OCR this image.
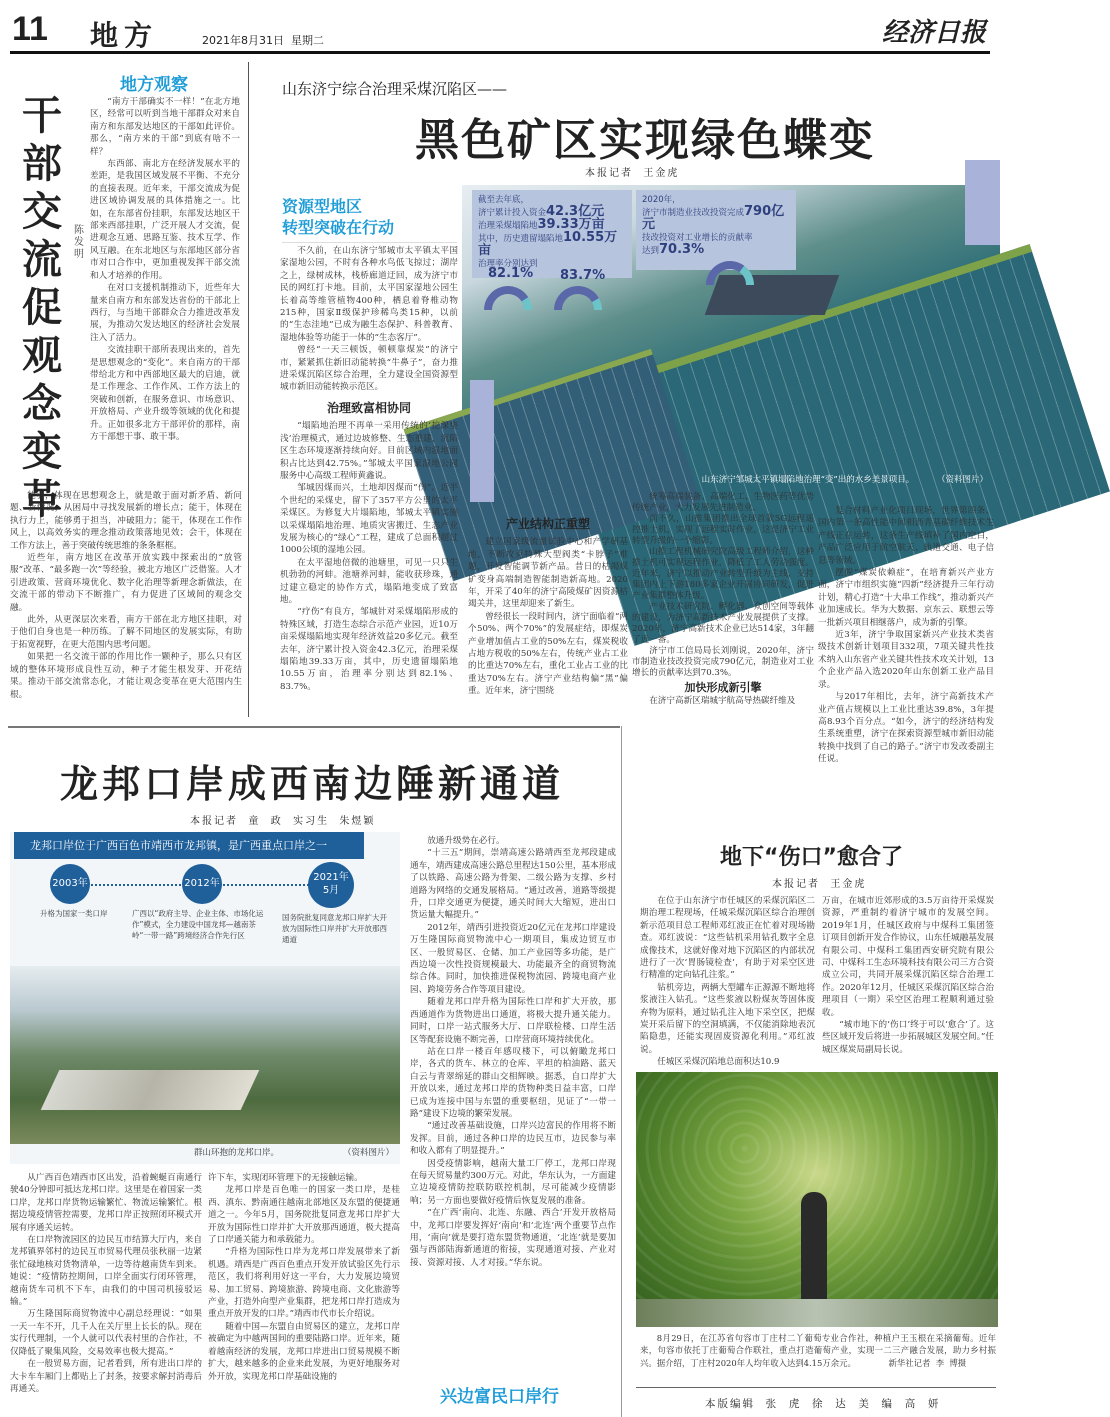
11 地方	2021年8月31日  星期二	经济日报
地方观察
干部交流促观念变革
陈发明

“南方干部确实不一样！”在北方地区，经常可以听到当地干部群众对来自南方和东部发达地区的干部如此评价。那么，“南方来的干部”到底有啥不一样？

东西部、南北方在经济发展水平的差距，是我国区域发展不平衡、不充分的直接表现。近年来，干部交流成为促进区域协调发展的具体措施之一。比如，在东部省份挂职，东部发达地区干部来西部挂职，广泛开展人才交流，促进观念互通、思路互鉴、技术互学、作风互融。在东北地区与东部地区部分省市对口合作中，更加重视发挥干部交流和人才培养的作用。

在对口支援机制推动下，近些年大量来自南方和东部发达省份的干部北上西行，与当地干部群众合力推进改革发展，为推动欠发达地区的经济社会发展注入了活力。

交流挂职干部所表现出来的，首先是思想观念的“变化”。来自南方的干部带给北方和中西部地区最大的启迪，就是工作理念、工作作风、工作方法上的突破和创新，在服务意识、市场意识、开放格局、产业升级等领域的优化和提升。正如很多北方干部评价的那样，南方干部想干事、敢干事。

能够，体现在思想观念上，就是敢于面对新矛盾、新问题、新情况，从困局中寻找发展新的增长点；能干，体现在执行力上，能够勇于担当，冲破阻力；能干，体现在工作作风上，以高效务实的理念推动政策落地见效；会干，体现在工作方法上，善于突破传统思维的条条框框。

近些年，南方地区在改革开放实践中探索出的“放管服”改革、“最多跑一次”等经验，被北方地区广泛借鉴。人才引进政策、营商环境优化、数字化治理等新理念新做法，在交流干部的带动下不断推广，有力促进了区域间的观念交融。

此外，从更深层次来看，南方干部在北方地区挂职，对于他们自身也是一种历练。了解不同地区的发展实际，有助于拓宽视野，在更大范围内思考问题。

如果把一名交流干部的作用比作一颗种子，那么只有区域的整体环境形成良性互动，种子才能生根发芽、开花结果。推动干部交流常态化，才能让观念变革在更大范围内生根。

山东济宁综合治理采煤沉陷区——
黑色矿区实现绿色蝶变
本报记者  王金虎
山东济宁邹城太平镇塌陷地治理“变”出的水乡美景项目。	（资料图片）
截至去年底，
济宁累计投入资金42.3亿元
治理采煤塌陷地39.33万亩
其中，历史遗留塌陷地10.55万亩
治理率分别达到
82.1% 83.7%
2020年，
济宁市制造业技改投资完成790亿元
技改投资对工业增长的贡献率
达到70.3%
资源型地区
转型突破在行动

不久前，在山东济宁邹城市太平镇太平国家湿地公园，不时有各种水鸟低飞掠过；湖岸之上，绿树成林，栈桥廊道迂回，成为济宁市民的网红打卡地。目前，太平国家湿地公园生长着高等维管植物400种，栖息着脊椎动物215种，国家Ⅱ级保护珍稀鸟类15种，以前的“生态洼地”已成为融生态保护、科普教育、湿地体验等功能于一体的“生态客厅”。

曾经“一天三顿饭，顿顿靠煤炭”的济宁市，紧紧抓住新旧动能转换“牛鼻子”，奋力推进采煤沉陷区综合治理，全力建设全国资源型城市新旧动能转换示范区。

治理致富相协同

“塌陷地治理不再单一采用传统的‘挖深垫浅’治理模式，通过边坡修整、生态重建，沉陷区生态环境逐渐持续向好。目前区域内湿地面积占比达到42.75%。”邹城太平国家湿地公园服务中心高级工程师黄鑫说。

邹城因煤而兴，土地却因煤而“伤”。近半个世纪的采煤史，留下了357平方公里的太平采煤区。为修复大片塌陷地，邹城太平镇实施以采煤塌陷地治理、地质灾害搬迁、生态产业发展为核心的“绿心”工程，建成了总面积超过1000公顷的湿地公园。

在太平湿地倍微的池塘里，可见一只只生机勃勃的河蚌。池塘养河蚌，能收获珍珠，通过建立稳定的协作方式，塌陷地变成了致富地。

“疗伤”有良方，邹城针对采煤塌陷形成的特殊区域，打造生态综合示范产业园，近10万亩采煤塌陷地实现年经济效益20多亿元。截至去年，济宁累计投入资金42.3亿元，治理采煤塌陷地39.33万亩，其中，历史遗留塌陷地10.55万亩，治理率分别达到82.1%、83.7%。

产业结构正重塑

建立国家级流量试验中心和产学研基地，不断攻克特殊大型阀类“卡脖子”难题，开发智能调节新产品。昔日的枯竭煤矿变身高端制造智能制造新高地。2020年，开采了40年的济宁高陵煤矿因资源枯竭关井，这里却迎来了新生。

曾经很长一段时间内，济宁面临着“两个50%、两个70%”的发展症结，即煤炭产业增加值占工业的50%左右，煤炭税收占地方税收的50%左右，传统产业占工业的比重达70%左右，重化工业占工业的比重达70%左右。济宁产业结构偏“黑”偏重。近年来，济宁围绕

统筹高端装备、高端化工、生物医药等优势传统产业，大力发展先进制造业。

前不久，山推集团推出全球首款5G远程遥控推土机，实现了远程实时作业，这是济宁工业转型升级的一个缩影。

山推工程机械研究院高级工程师介绍，这种推土机可实现远程作业，降低了工人劳动强度。近年来，济宁以推动产业转型升级为主线，支持集团内上下游180多家企业开展协同研发，促进产业集群整体升级。

产业技术研究院、孵化器、众创空间等载体的建设，为济宁高新技术产业发展提供了支撑。2020年，济宁高新技术企业已达514家，3年翻了近一番。

济宁市工信局局长刘刚说，2020年，济宁市制造业技改投资完成790亿元，制造业对工业增长的贡献率达到70.3%。

加快形成新引擎

在济宁高新区瑞城宇航高导热碳纤维及

复合材料产业化项目现场，世界第四条、国内第一条高性能中间相沥青基碳纤维技术生产线正在运转，这条生产线填补了国内空白，产品广泛应用于航空航天、轨道交通、电子信息等领域。

摆脱“煤炭依赖症”，在培育新兴产业方面，济宁市组织实施“四新”经济提升三年行动计划，精心打造“十大串工作线”，推动新兴产业加速成长。华为大数据、京东云、联想云等一批新兴项目相继落户，成为新的引擎。

近3年，济宁争取国家新兴产业技术类省级技术创新计划项目332项，7项关键共性技术纳入山东省产业关键共性技术攻关计划，13个企业产品入选2020年山东创新工业产品目录。

与2017年相比，去年，济宁高新技术产业产值占规模以上工业比重达39.8%，3年提高8.93个百分点。“如今，济宁的经济结构发生系统重塑，济宁在探索资源型城市新旧动能转换中找到了自己的路子。”济宁市发改委副主任说。

龙邦口岸成西南边陲新通道
本报记者  童  政  实习生  朱煜颖
龙邦口岸位于广西百色市靖西市龙邦镇，是广西重点口岸之一
2003年
升格为国家一类口岸
2012年
广西以“政府主导、企业主体、市场化运作”模式，全力建设中国龙邦—越南茶岭“一带一路”跨境经济合作先行区
2021年5月
国务院批复同意龙邦口岸扩大开放为国际性口岸并扩大开放那西通道
群山环抱的龙邦口岸。	（资料图片）

放通升级势在必行。

“十三五”期间，崇靖高速公路靖西至龙邦段建成通车，靖西建成高速公路总里程达150公里，基本形成了以铁路、高速公路为骨架、二级公路为支撑、乡村道路为网络的交通发展格局。“通过改善，道路等级提升，口岸交通更为便捷，通关时间大大缩短，进出口货运量大幅提升。”

2012年，靖西引进投资近20亿元在龙邦口岸建设万生隆国际商贸物流中心一期项目，集成边贸互市区、一般贸易区、仓储、加工产业园等多功能，是广西边境一次性投资规模最大、功能最齐全的商贸物流综合体。同时，加快推进保税物流园、跨境电商产业园、跨境劳务合作等项目建设。

随着龙邦口岸升格为国际性口岸和扩大开放，那西通道作为货物进出口通道，将极大提升通关能力。同时，口岸一站式服务大厅、口岸联检楼、口岸生活区等配套设施不断完善，口岸营商环境持续优化。

站在口岸一楼百年感叹楼下，可以俯瞰龙邦口岸，各式的货车、林立的仓库、平坦的柏油路、蓝天白云与青翠绵延的群山交相辉映。据悉，自口岸扩大开放以来，通过龙邦口岸的货物种类日益丰富，口岸已成为连接中国与东盟的重要枢纽，见证了“一带一路”建设下边境的繁荣发展。

“通过改善基础设施，口岸兴边富民的作用将不断发挥。目前，通过各种口岸的边民互市，边民参与率和收入都有了明显提升。”

因受疫情影响，越南大量工厂停工，龙邦口岸现在每天贸易量约300万元。对此，华东认为，一方面建立边境疫情防控联防联控机制，尽可能减少疫情影响；另一方面也要做好疫情后恢复发展的准备。

“在广西‘南向、北连、东融、西合’开发开放格局中，龙邦口岸要发挥好‘南向’和‘北连’两个重要节点作用，‘南向’就是要打造东盟货物通道，‘北连’就是要加强与西部陆海新通道的衔接，实现通道对接、产业对接、资源对接、人才对接。”华东说。

兴边富民口岸行

从广西百色靖西市区出发，沿着蜿蜒百南通行驶40分钟即可抵达龙邦口岸。这里是在着国家一类口岸，龙邦口岸货物运输繁忙、物流运输繁忙。根据边境疫情管控需要，龙邦口岸正按照闭环模式开展有序通关运转。

在口岸物流园区的边民互市结算大厅内，来自龙邦镇界邻村的边民互市贸易代理员张秋丽一边紧张忙碌地核对货物清单，一边等待越南货车到来。她说：“疫情防控期间，口岸全面实行闭环管理，越南货车司机不下车，由我们的中国司机接驳运输。”

万生隆国际商贸物流中心副总经理说：“如果一天一车不开，几千人在关厅里上长长的队。现在实行代理制，一个人就可以代表村里的合作社，不仅降低了聚集风险，交易效率也极大提高。”

在一般贸易方面，记者看到，所有进出口岸的大卡车车厢门上都贴上了封条，按要求解封消毒后再通关。

许下车，实现闭环管理下的无接触运输。

龙邦口岸是百色唯一的国家一类口岸，是桂西、滇东、黔南通往越南北部地区及东盟的便捷通道之一。今年5月，国务院批复同意龙邦口岸扩大开放为国际性口岸并扩大开放那西通道，极大提高了口岸通关能力和承载能力。

“升格为国际性口岸为龙邦口岸发展带来了新机遇。靖西是广西百色重点开发开放试验区先行示范区，我们将利用好这一平台，大力发展边境贸易、加工贸易、跨境旅游、跨境电商、文化旅游等产业，打造外向型产业集群，把龙邦口岸打造成为重点开放开发的口岸。”靖西市代市长介绍说。

随着中国—东盟自由贸易区的建立，龙邦口岸被确定为中越两国间的重要陆路口岸。近年来，随着越南经济的发展，龙邦口岸进出口贸易规模不断扩大，越来越多的企业来此发展，为更好地服务对外开放，实现龙邦口岸基础设施的

地下“伤口”愈合了
本报记者  王金虎

在位于山东济宁市任城区的采煤沉陷区二期治理工程现场，任城采煤沉陷区综合治理创新示范项目总工程师邓红波正在忙着对现场勘查。邓红波说：“这些钻机采用钻孔数字全息成像技术，这就好像对地下沉陷区的内部状况进行了一次‘胃肠镜检查’，有助于对采空区进行精准的定向钻孔注浆。”

钻机旁边，两辆大型罐车正源源不断地将浆液注入钻孔。“这些浆液以粉煤灰等固体废弃物为原料，通过钻孔注入地下采空区，把煤炭开采后留下的空洞填满，不仅能消除地表沉陷隐患，还能实现固废资源化利用。”邓红波说。

任城区采煤沉陷地总面积达10.9

万亩，在城市近郊形成的3.5万亩待开采煤炭资源，严重制约着济宁城市的发展空间。2019年1月，任城区政府与中煤科工集团签订项目创新开发合作协议，山东任城融基发展有限公司、中煤科工集团西安研究院有限公司、中煤科工生态环境科技有限公司三方合资成立公司，共同开展采煤沉陷区综合治理工作。2020年12月，任城区采煤沉陷区综合治理项目（一期）采空区治理工程顺利通过验收。

“城市地下的‘伤口’终于可以‘愈合’了。这些区域开发后将进一步拓展城区发展空间。”任城区煤炭局副局长说。

8月29日，在江苏省句容市丁庄村二丫葡萄专业合作社，种植户王玉根在采摘葡萄。近年来，句容市依托丁庄葡萄合作联社，重点打造葡萄产业，实现一二三产融合发展，助力乡村振兴。据介绍，丁庄村2020年人均年收入达到4.15万余元。	新华社记者  李  博摄

本版编辑  张  虎  徐  达  美  编  高  妍
